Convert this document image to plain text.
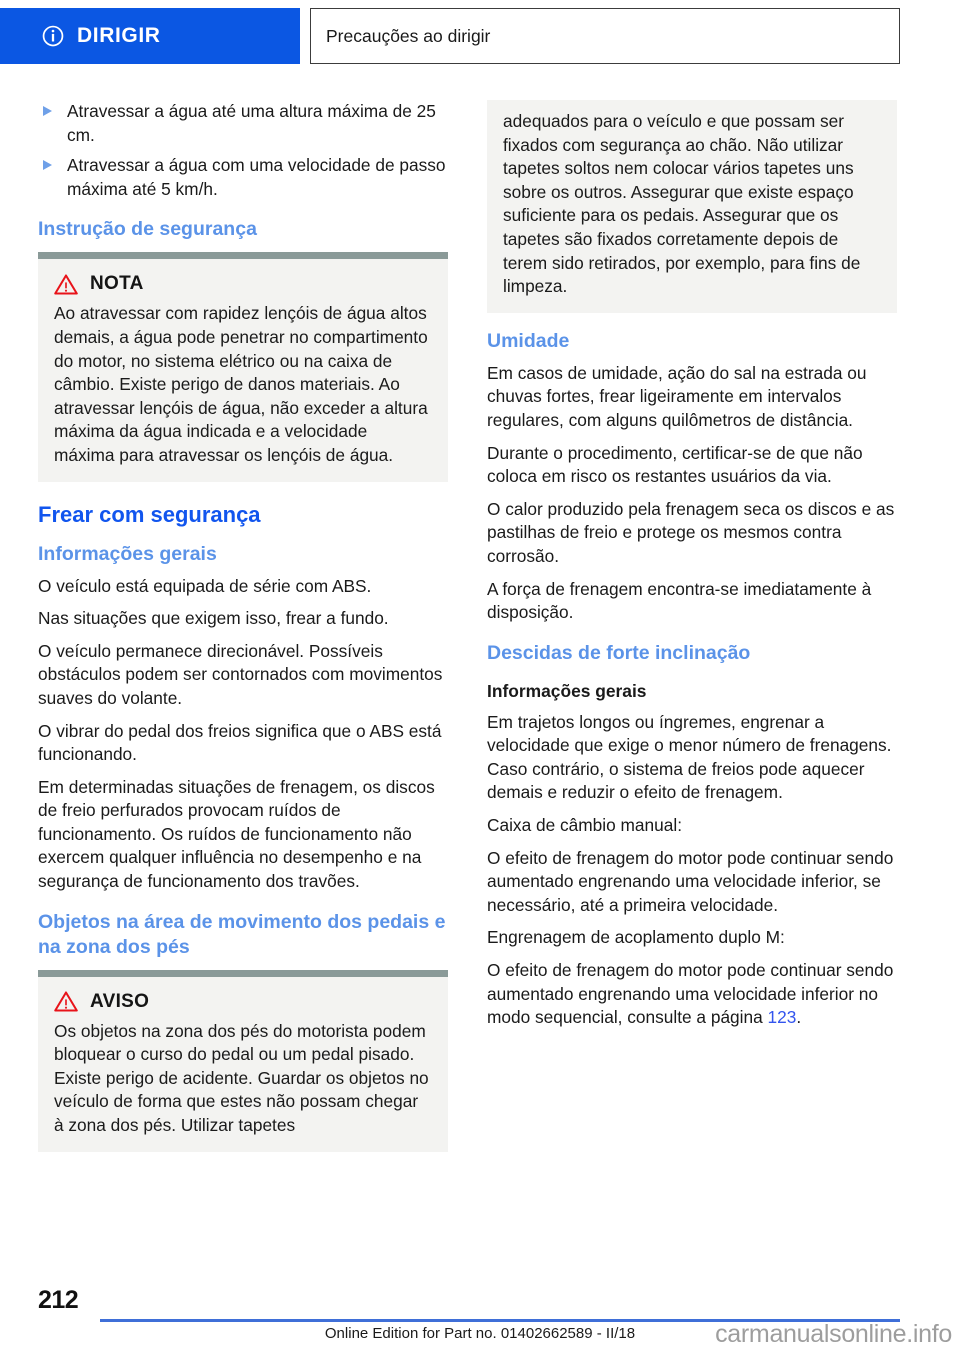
DIRIGIR	Precauções ao dirigir
Atravessar a água até uma altura máxima de 25 cm.
Atravessar a água com uma velocidade de passo máxima até 5 km/h.
Instrução de segurança
NOTA

Ao atravessar com rapidez lençóis de água altos demais, a água pode penetrar no compartimento do motor, no sistema elétrico ou na caixa de câmbio. Existe perigo de danos materiais. Ao atravessar lençóis de água, não exceder a altura máxima da água indicada e a velocidade máxima para atravessar os lençóis de água.

Frear com segurança
Informações gerais

O veículo está equipada de série com ABS.

Nas situações que exigem isso, frear a fundo.

O veículo permanece direcionável. Possíveis obstáculos podem ser contornados com movimentos suaves do volante.

O vibrar do pedal dos freios significa que o ABS está funcionando.

Em determinadas situações de frenagem, os discos de freio perfurados provocam ruídos de funcionamento. Os ruídos de funcionamento não exercem qualquer influência no desempenho e na segurança de funcionamento dos travões.

Objetos na área de movimento dos pedais e na zona dos pés
AVISO

Os objetos na zona dos pés do motorista podem bloquear o curso do pedal ou um pedal pisado. Existe perigo de acidente. Guardar os objetos no veículo de forma que estes não possam chegar à zona dos pés. Utilizar tapetes

adequados para o veículo e que possam ser fixados com segurança ao chão. Não utilizar tapetes soltos nem colocar vários tapetes uns sobre os outros. Assegurar que existe espaço suficiente para os pedais. Assegurar que os tapetes são fixados corretamente depois de terem sido retirados, por exemplo, para fins de limpeza.

Umidade

Em casos de umidade, ação do sal na estrada ou chuvas fortes, frear ligeiramente em intervalos regulares, com alguns quilômetros de distância.

Durante o procedimento, certificar-se de que não coloca em risco os restantes usuários da via.

O calor produzido pela frenagem seca os discos e as pastilhas de freio e protege os mesmos contra corrosão.

A força de frenagem encontra-se imediatamente à disposição.

Descidas de forte inclinação
Informações gerais

Em trajetos longos ou íngremes, engrenar a velocidade que exige o menor número de frenagens. Caso contrário, o sistema de freios pode aquecer demais e reduzir o efeito de frenagem.

Caixa de câmbio manual:

O efeito de frenagem do motor pode continuar sendo aumentado engrenando uma velocidade inferior, se necessário, até a primeira velocidade.

Engrenagem de acoplamento duplo M:

O efeito de frenagem do motor pode continuar sendo aumentado engrenando uma velocidade inferior no modo sequencial, consulte a página 123.

212
Online Edition for Part no. 01402662589 - II/18	carmanualsonline.info
